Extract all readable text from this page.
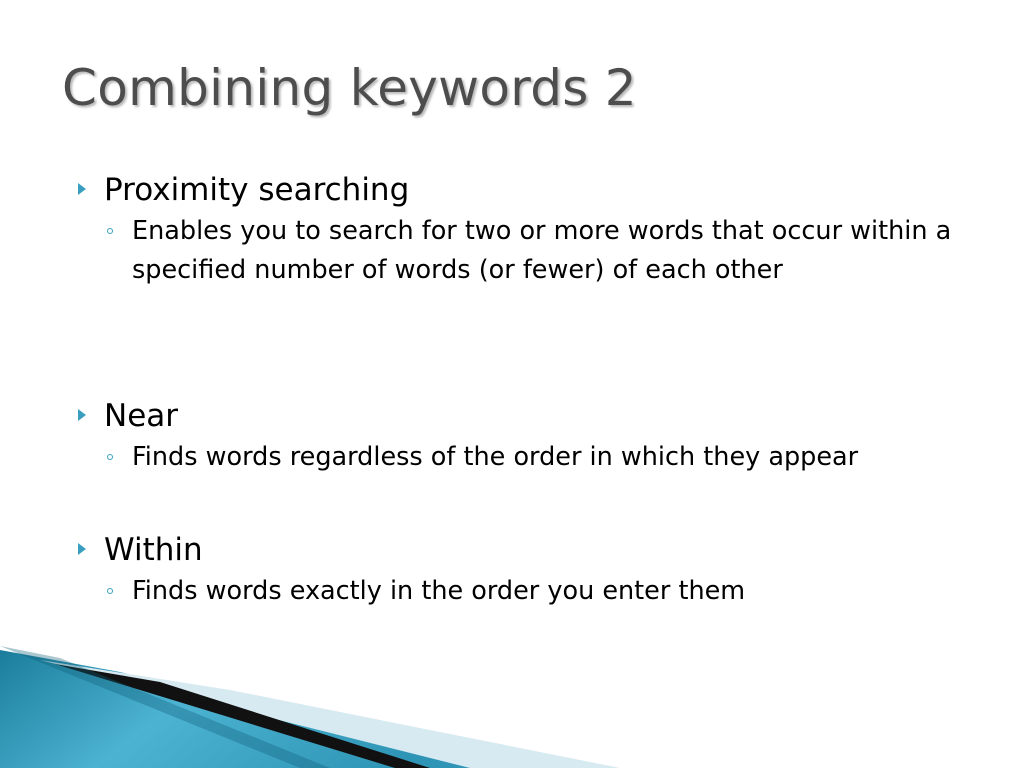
Combining keywords 2
Proximity searching
Enables you to search for two or more words that occur within a specified number of words (or fewer) of each other
Near
Finds words regardless of the order in which they appear
Within
Finds words exactly in the order you enter them
